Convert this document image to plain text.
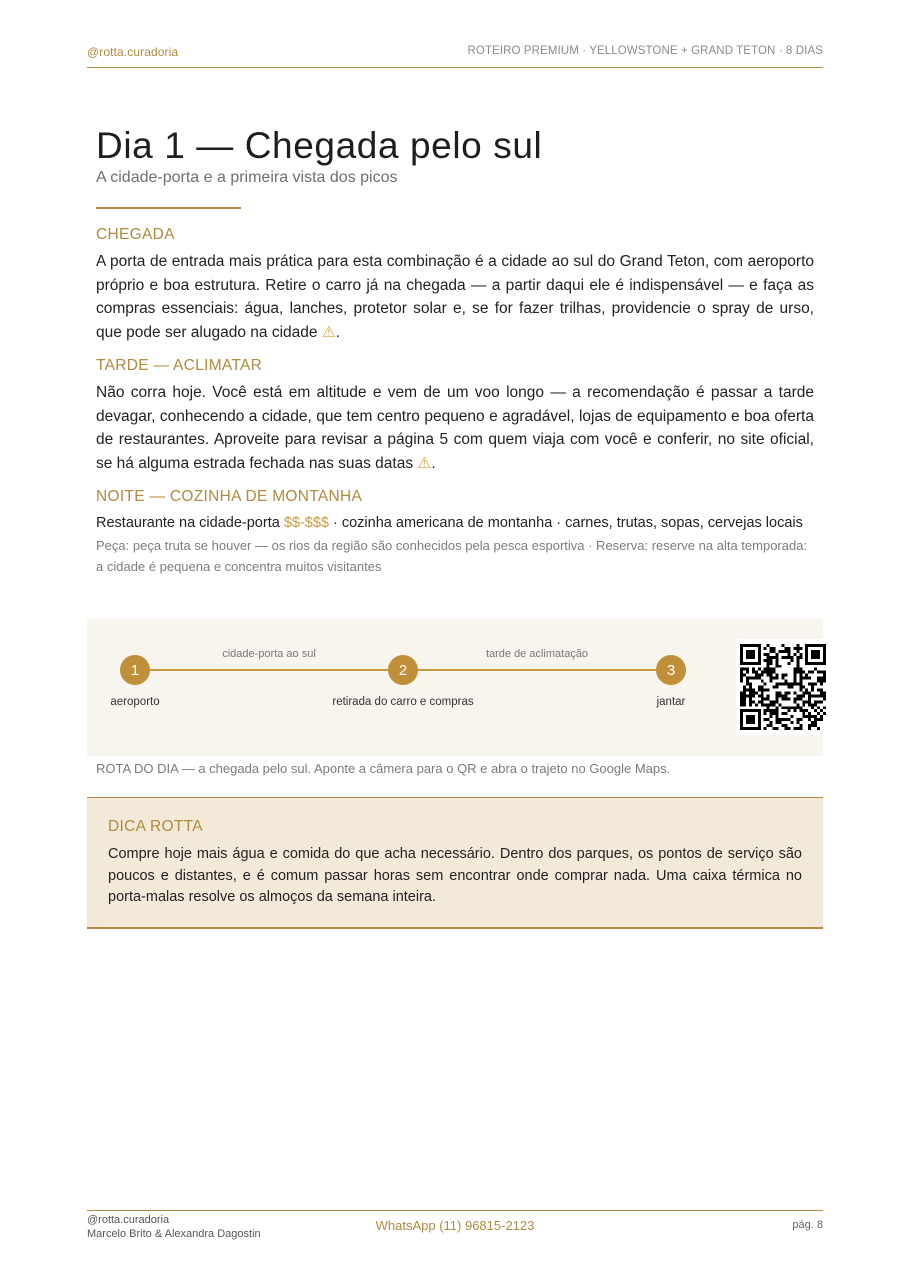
@rotta.curadoria	ROTEIRO PREMIUM · YELLOWSTONE + GRAND TETON · 8 DIAS
Dia 1 — Chegada pelo sul
A cidade-porta e a primeira vista dos picos
CHEGADA

A porta de entrada mais prática para esta combinação é a cidade ao sul do Grand Teton, com aeroporto próprio e boa estrutura. Retire o carro já na chegada — a partir daqui ele é indispensável — e faça as compras essenciais: água, lanches, protetor solar e, se for fazer trilhas, providencie o spray de urso, que pode ser alugado na cidade ⚠.

TARDE — ACLIMATAR

Não corra hoje. Você está em altitude e vem de um voo longo — a recomendação é passar a tarde devagar, conhecendo a cidade, que tem centro pequeno e agradável, lojas de equipamento e boa oferta de restaurantes. Aproveite para revisar a página 5 com quem viaja com você e conferir, no site oficial, se há alguma estrada fechada nas suas datas ⚠.

NOITE — COZINHA DE MONTANHA

Restaurante na cidade-porta $$-$$$ · cozinha americana de montanha · carnes, trutas, sopas, cervejas locais

Peça: peça truta se houver — os rios da região são conhecidos pela pesca esportiva · Reserva: reserve na alta temporada: a cidade é pequena e concentra muitos visitantes

cidade-porta ao sul	tarde de aclimatação
1	2	3
aeroporto	retirada do carro e compras	jantar
ROTA DO DIA — a chegada pelo sul. Aponte a câmera para o QR e abra o trajeto no Google Maps.
DICA ROTTA

Compre hoje mais água e comida do que acha necessário. Dentro dos parques, os pontos de serviço são poucos e distantes, e é comum passar horas sem encontrar onde comprar nada. Uma caixa térmica no porta-malas resolve os almoços da semana inteira.

@rotta.curadoria
Marcelo Brito & Alexandra Dagostin
WhatsApp (11) 96815-2123	pág. 8
